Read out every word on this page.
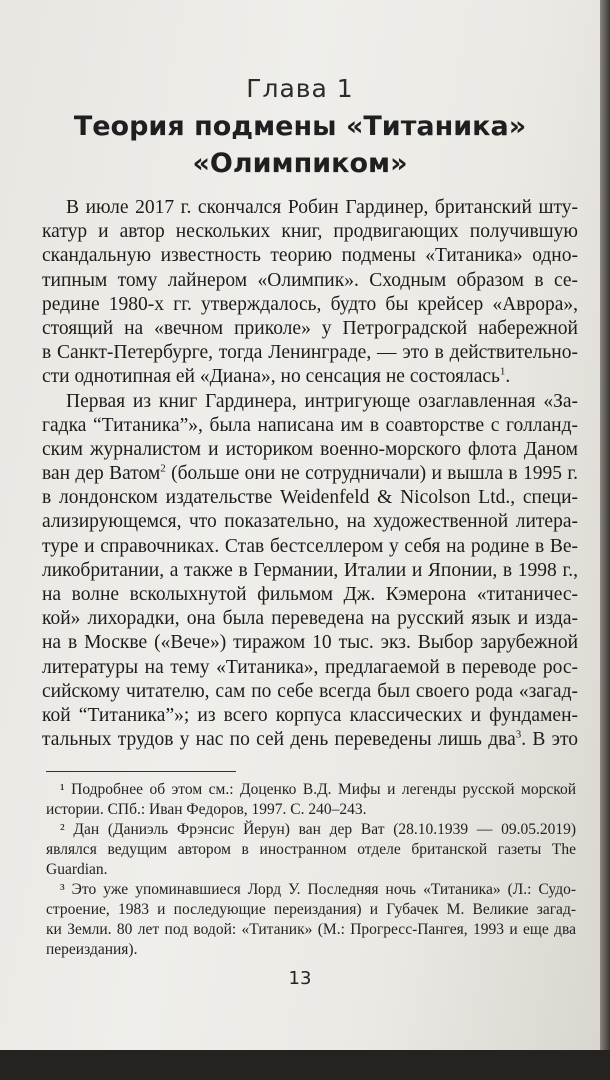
Глава 1
Теория подмены «Титаника»
«Олимпиком»
В июле 2017 г. скончался Робин Гардинер, британский шту-
катур и автор нескольких книг, продвигающих получившую
скандальную известность теорию подмены «Титаника» одно-
типным тому лайнером «Олимпик». Сходным образом в се-
редине 1980-х гг. утверждалось, будто бы крейсер «Аврора»,
стоящий на «вечном приколе» у Петроградской набережной
в Санкт-Петербурге, тогда Ленинграде, — это в действительно-
сти однотипная ей «Диана», но сенсация не состоялась$^1$.
Первая из книг Гардинера, интригующе озаглавленная «За-
гадка “Титаника”», была написана им в соавторстве с голланд-
ским журналистом и историком военно-морского флота Даном
ван дер Ватом$^2$ (больше они не сотрудничали) и вышла в 1995 г.
в лондонском издательстве Weidenfeld & Nicolson Ltd., специ-
ализирующемся, что показательно, на художественной литера-
туре и справочниках. Став бестселлером у себя на родине в Ве-
ликобритании, а также в Германии, Италии и Японии, в 1998 г.,
на волне всколыхнутой фильмом Дж. Кэмерона «титаничес-
кой» лихорадки, она была переведена на русский язык и изда-
на в Москве («Вече») тиражом 10 тыс. экз. Выбор зарубежной
литературы на тему «Титаника», предлагаемой в переводе рос-
сийскому читателю, сам по себе всегда был своего рода «загад-
кой “Титаника”»; из всего корпуса классических и фундамен-
тальных трудов у нас по сей день переведены лишь два$^3$. В это
¹ Подробнее об этом см.: Доценко В.Д. Мифы и легенды русской морской
истории. СПб.: Иван Федоров, 1997. С. 240–243.
² Дан (Даниэль Фрэнсис Йерун) ван дер Ват (28.10.1939 — 09.05.2019)
являлся ведущим автором в иностранном отделе британской газеты The
Guardian.
³ Это уже упоминавшиеся Лорд У. Последняя ночь «Титаника» (Л.: Судо-
строение, 1983 и последующие переиздания) и Губачек М. Великие загад-
ки Земли. 80 лет под водой: «Титаник» (М.: Прогресс-Пангея, 1993 и еще два
переиздания).
13
